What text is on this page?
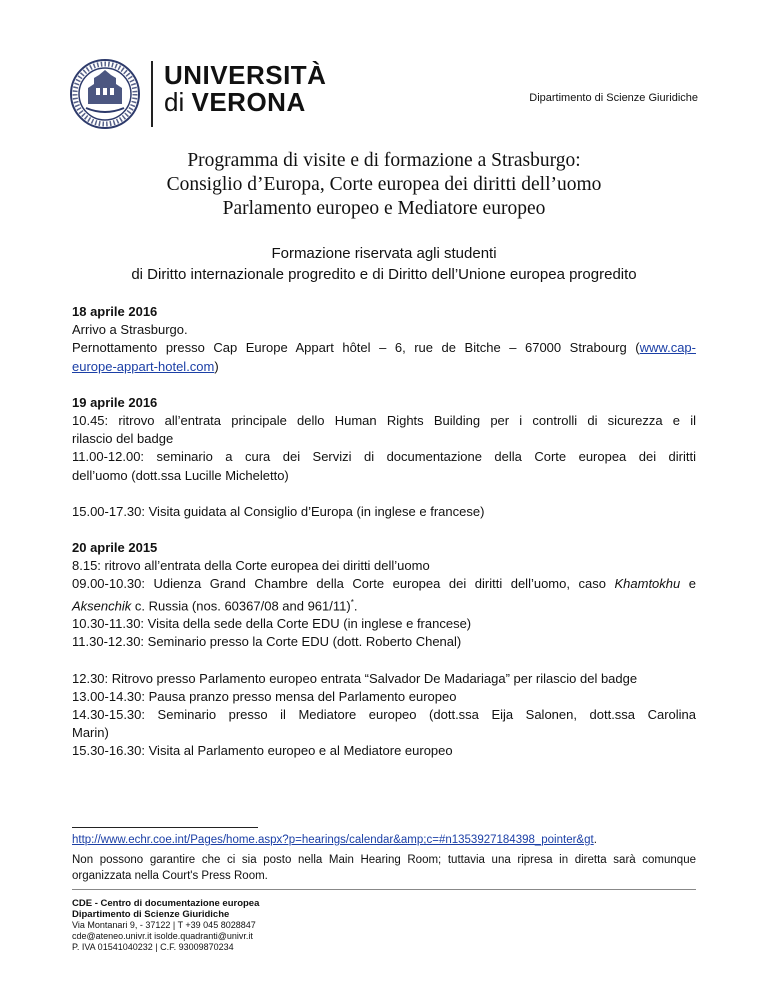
UNIVERSITÀ
di VERONA	Dipartimento di Scienze Giuridiche
Programma di visite e di formazione a Strasburgo:
Consiglio d’Europa, Corte europea dei diritti dell’uomo
Parlamento europeo e Mediatore europeo
Formazione riservata agli studenti
di Diritto internazionale progredito e di Diritto dell’Unione europea progredito
18 aprile 2016
Arrivo a Strasburgo.
Pernottamento presso Cap Europe Appart hôtel – 6, rue de Bitche – 67000 Strabourg (www.cap-
europe-appart-hotel.com)
19 aprile 2016
10.45: ritrovo all’entrata principale dello Human Rights Building per i controlli di sicurezza e il
rilascio del badge
11.00-12.00: seminario a cura dei Servizi di documentazione della Corte europea dei diritti
dell’uomo (dott.ssa Lucille Micheletto)
15.00-17.30: Visita guidata al Consiglio d’Europa (in inglese e francese)
20 aprile 2015
8.15: ritrovo all’entrata della Corte europea dei diritti dell’uomo
09.00-10.30: Udienza Grand Chambre della Corte europea dei diritti dell’uomo, caso Khamtokhu e
Aksenchik c. Russia (nos. 60367/08 and 961/11)*.
10.30-11.30: Visita della sede della Corte EDU (in inglese e francese)
11.30-12.30: Seminario presso la Corte EDU (dott. Roberto Chenal)
12.30: Ritrovo presso Parlamento europeo entrata “Salvador De Madariaga” per rilascio del badge
13.00-14.30: Pausa pranzo presso mensa del Parlamento europeo
14.30-15.30: Seminario presso il Mediatore europeo (dott.ssa Eija Salonen, dott.ssa Carolina
Marin)
15.30-16.30: Visita al Parlamento europeo e al Mediatore europeo
http://www.echr.coe.int/Pages/home.aspx?p=hearings/calendar&amp;c=#n1353927184398_pointer&gt.
Non possono garantire che ci sia posto nella Main Hearing Room; tuttavia una ripresa in diretta sarà comunque organizzata nella Court's Press Room.
CDE - Centro di documentazione europea
Dipartimento di Scienze Giuridiche
Via Montanari 9, - 37122 | T +39 045 8028847
cde@ateneo.univr.it isolde.quadranti@univr.it
P. IVA 01541040232 | C.F. 93009870234
